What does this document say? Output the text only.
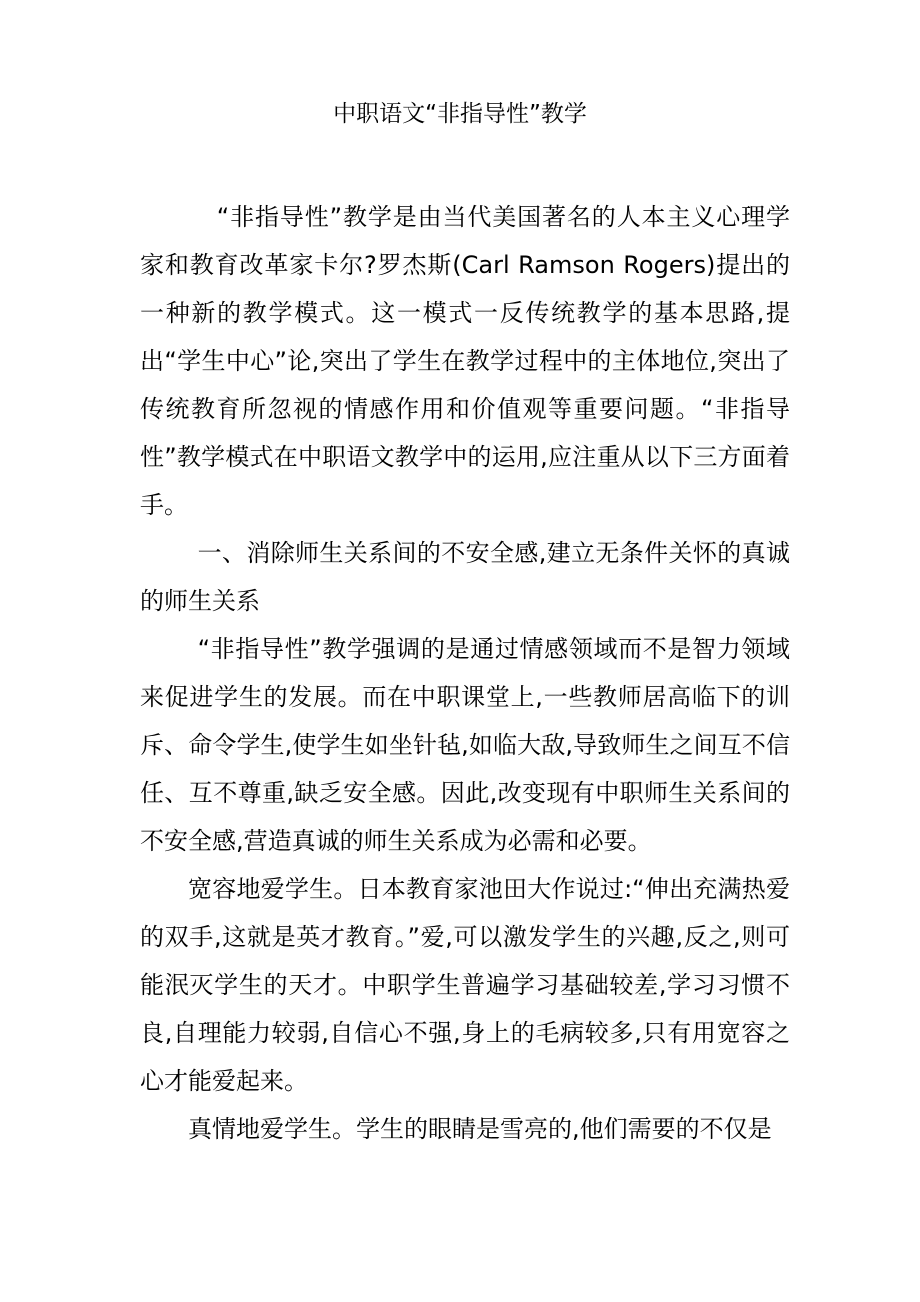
中职语文“非指导性”教学

“非指导性”教学是由当代美国著名的人本主义心理学家和教育改革家卡尔?罗杰斯(Carl Ramson Rogers)提出的一种新的教学模式。这一模式一反传统教学的基本思路,提出“学生中心”论,突出了学生在教学过程中的主体地位,突出了传统教育所忽视的情感作用和价值观等重要问题。“非指导性”教学模式在中职语文教学中的运用,应注重从以下三方面着手。

一、消除师生关系间的不安全感,建立无条件关怀的真诚的师生关系

“非指导性”教学强调的是通过情感领域而不是智力领域来促进学生的发展。而在中职课堂上,一些教师居高临下的训斥、命令学生,使学生如坐针毡,如临大敌,导致师生之间互不信任、互不尊重,缺乏安全感。因此,改变现有中职师生关系间的不安全感,营造真诚的师生关系成为必需和必要。

宽容地爱学生。日本教育家池田大作说过:“伸出充满热爱的双手,这就是英才教育。”爱,可以激发学生的兴趣,反之,则可能泯灭学生的天才。中职学生普遍学习基础较差,学习习惯不良,自理能力较弱,自信心不强,身上的毛病较多,只有用宽容之心才能爱起来。

真情地爱学生。学生的眼睛是雪亮的,他们需要的不仅是
